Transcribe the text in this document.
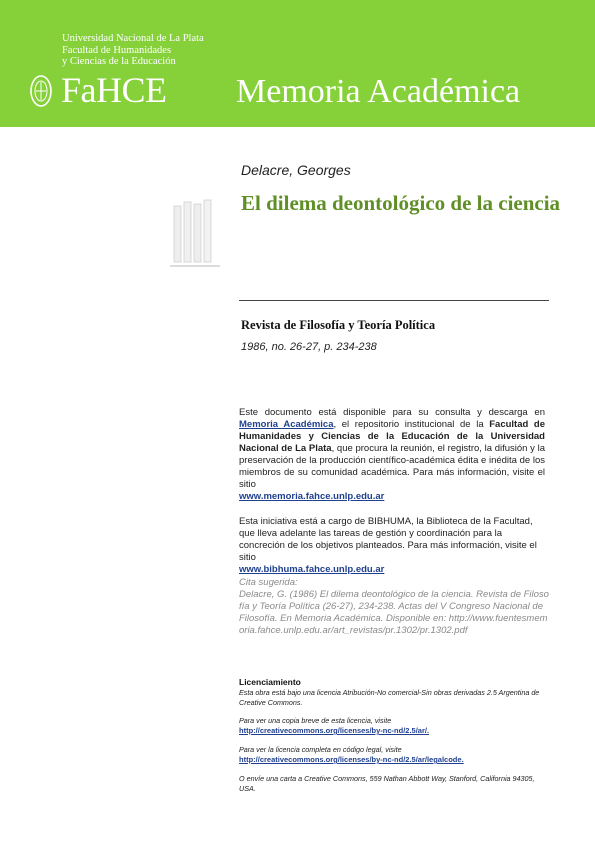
Universidad Nacional de La Plata
Facultad de Humanidades
y Ciencias de la Educación
FaHCE Memoria Académica
Delacre, Georges
El dilema deontológico de la ciencia
Revista de Filosofía y Teoría Política
1986, no. 26-27, p. 234-238
Este documento está disponible para su consulta y descarga en Memoria Académica, el repositorio institucional de la Facultad de Humanidades y Ciencias de la Educación de la Universidad Nacional de La Plata, que procura la reunión, el registro, la difusión y la preservación de la producción científico-académica édita e inédita de los miembros de su comunidad académica. Para más información, visite el sitio
www.memoria.fahce.unlp.edu.ar
Esta iniciativa está a cargo de BIBHUMA, la Biblioteca de la Facultad, que lleva adelante las tareas de gestión y coordinación para la concreción de los objetivos planteados. Para más información, visite el sitio
www.bibhuma.fahce.unlp.edu.ar
Cita sugerida:
Delacre, G. (1986) El dilema deontológico de la ciencia. Revista de Filosofía y Teoría Política (26-27), 234-238. Actas del V Congreso Nacional de Filosofía. En Memoria Académica. Disponible en: http://www.fuentesmemoria.fahce.unlp.edu.ar/art_revistas/pr.1302/pr.1302.pdf
Licenciamiento
Esta obra está bajo una licencia Atribución-No comercial-Sin obras derivadas 2.5 Argentina de Creative Commons.
Para ver una copia breve de esta licencia, visite
http://creativecommons.org/licenses/by-nc-nd/2.5/ar/.
Para ver la licencia completa en código legal, visite
http://creativecommons.org/licenses/by-nc-nd/2.5/ar/legalcode.
O envíe una carta a Creative Commons, 559 Nathan Abbott Way, Stanford, California 94305, USA.
